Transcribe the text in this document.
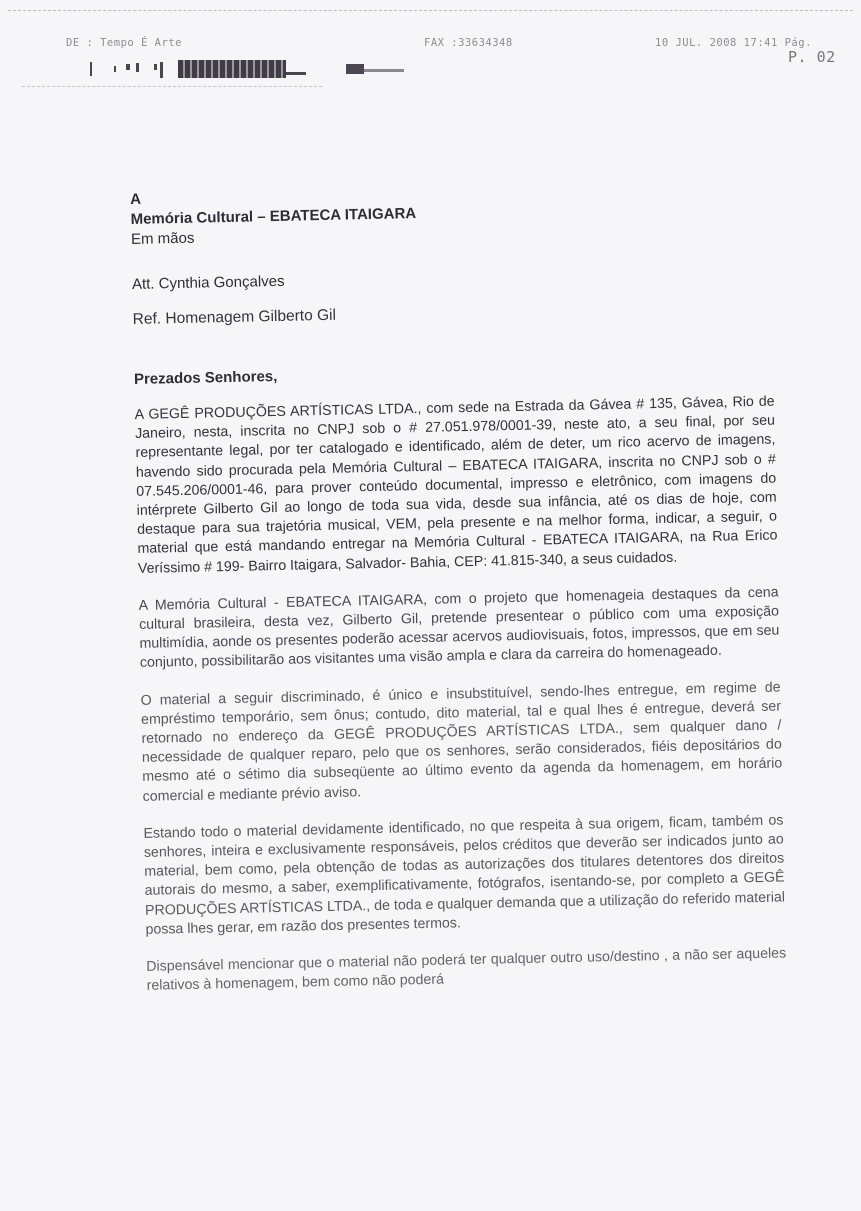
DE : Tempo É Arte	FAX :33634348	10 JUL. 2008 17:41 Pág.
P. 02
A
Memória Cultural – EBATECA ITAIGARA
Em mãos
Att. Cynthia Gonçalves
Ref. Homenagem Gilberto Gil
Prezados Senhores,
A GEGÊ PRODUÇÕES ARTÍSTICAS LTDA., com sede na Estrada da Gávea # 135, Gávea, Rio de Janeiro, nesta, inscrita no CNPJ sob o # 27.051.978/0001-39, neste ato, a seu final, por seu representante legal, por ter catalogado e identificado, além de deter, um rico acervo de imagens, havendo sido procurada pela Memória Cultural – EBATECA ITAIGARA, inscrita no CNPJ sob o # 07.545.206/0001-46, para prover conteúdo documental, impresso e eletrônico, com imagens do intérprete Gilberto Gil ao longo de toda sua vida, desde sua infância, até os dias de hoje, com destaque para sua trajetória musical, VEM, pela presente e na melhor forma, indicar, a seguir, o material que está mandando entregar na Memória Cultural - EBATECA ITAIGARA, na Rua Erico Veríssimo # 199- Bairro Itaigara, Salvador- Bahia, CEP: 41.815-340, a seus cuidados.
A Memória Cultural - EBATECA ITAIGARA, com o projeto que homenageia destaques da cena cultural brasileira, desta vez, Gilberto Gil, pretende presentear o público com uma exposição multimídia, aonde os presentes poderão acessar acervos audiovisuais, fotos, impressos, que em seu conjunto, possibilitarão aos visitantes uma visão ampla e clara da carreira do homenageado.
O material a seguir discriminado, é único e insubstituível, sendo-lhes entregue, em regime de empréstimo temporário, sem ônus; contudo, dito material, tal e qual lhes é entregue, deverá ser retornado no endereço da GEGÊ PRODUÇÕES ARTÍSTICAS LTDA., sem qualquer dano / necessidade de qualquer reparo, pelo que os senhores, serão considerados, fiéis depositários do mesmo até o sétimo dia subseqüente ao último evento da agenda da homenagem, em horário comercial e mediante prévio aviso.
Estando todo o material devidamente identificado, no que respeita à sua origem, ficam, também os senhores, inteira e exclusivamente responsáveis, pelos créditos que deverão ser indicados junto ao material, bem como, pela obtenção de todas as autorizações dos titulares detentores dos direitos autorais do mesmo, a saber, exemplificativamente, fotógrafos, isentando-se, por completo a GEGÊ PRODUÇÕES ARTÍSTICAS LTDA., de toda e qualquer demanda que a utilização do referido material possa lhes gerar, em razão dos presentes termos.
Dispensável mencionar que o material não poderá ter qualquer outro uso/destino , a não ser aqueles relativos à homenagem, bem como não poderá
